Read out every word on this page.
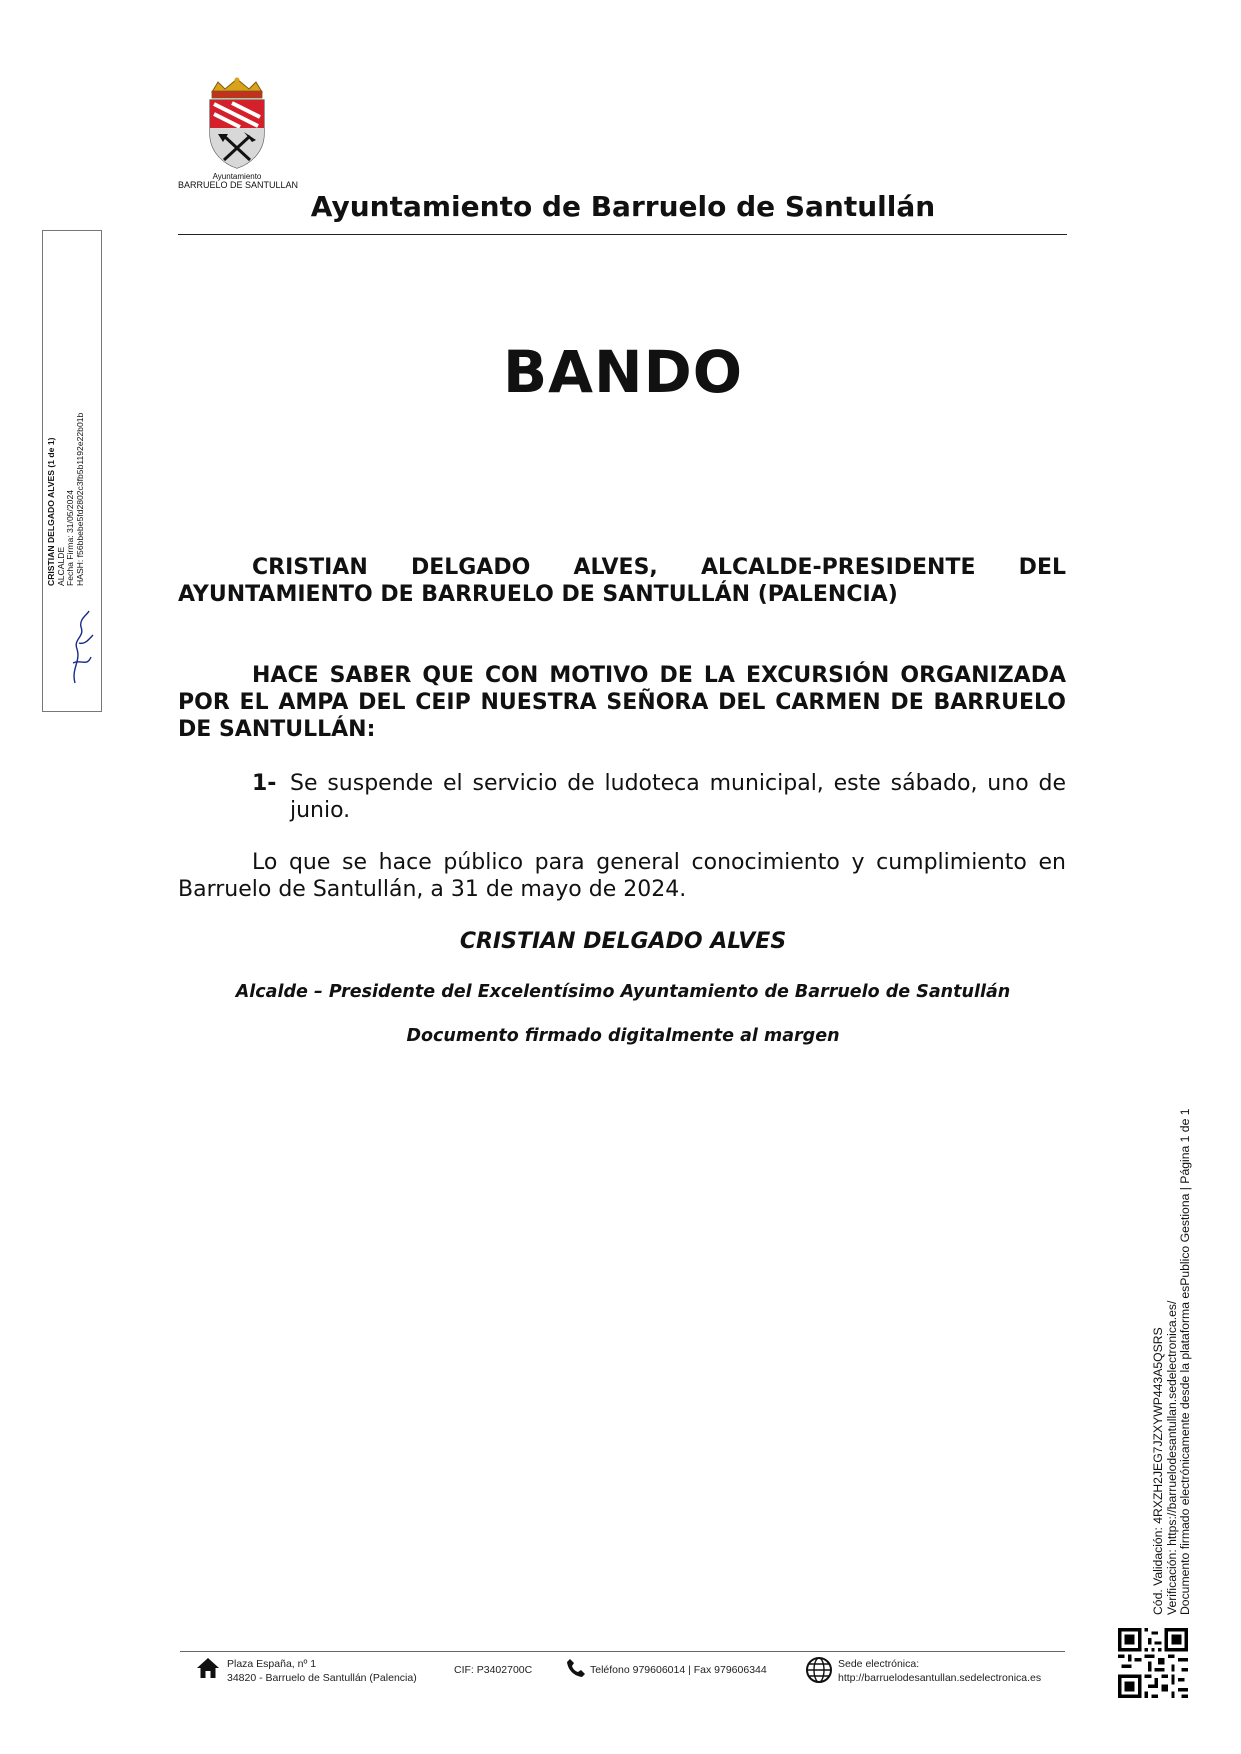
Ayuntamiento
BARRUELO DE SANTULLAN
Ayuntamiento de Barruelo de Santullán
BANDO
CRISTIAN DELGADO ALVES, ALCALDE-PRESIDENTE DEL AYUNTAMIENTO DE BARRUELO DE SANTULLÁN (PALENCIA)
HACE SABER QUE CON MOTIVO DE LA EXCURSIÓN ORGANIZADA POR EL AMPA DEL CEIP NUESTRA SEÑORA DEL CARMEN DE BARRUELO DE SANTULLÁN:
1- Se suspende el servicio de ludoteca municipal, este sábado, uno de junio.
Lo que se hace público para general conocimiento y cumplimiento en Barruelo de Santullán, a 31 de mayo de 2024.
CRISTIAN DELGADO ALVES
Alcalde – Presidente del Excelentísimo Ayuntamiento de Barruelo de Santullán
Documento firmado digitalmente al margen
CRISTIAN DELGADO ALVES (1 de 1) ALCALDE Fecha Firma: 31/05/2024 HASH: f56bbebe5fd2802c3fb5b1192e22b01b
Cód. Validación: 4RXZH2JEG7JZXYWP443A5QSRS Verificación: https://barruelodesantullan.sedelectronica.es/ Documento firmado electrónicamente desde la plataforma esPublico Gestiona | Página 1 de 1
Plaza España, nº 1
34820 - Barruelo de Santullán (Palencia)
CIF: P3402700C	Teléfono 979606014 | Fax 979606344	Sede electrónica:
http://barruelodesantullan.sedelectronica.es
